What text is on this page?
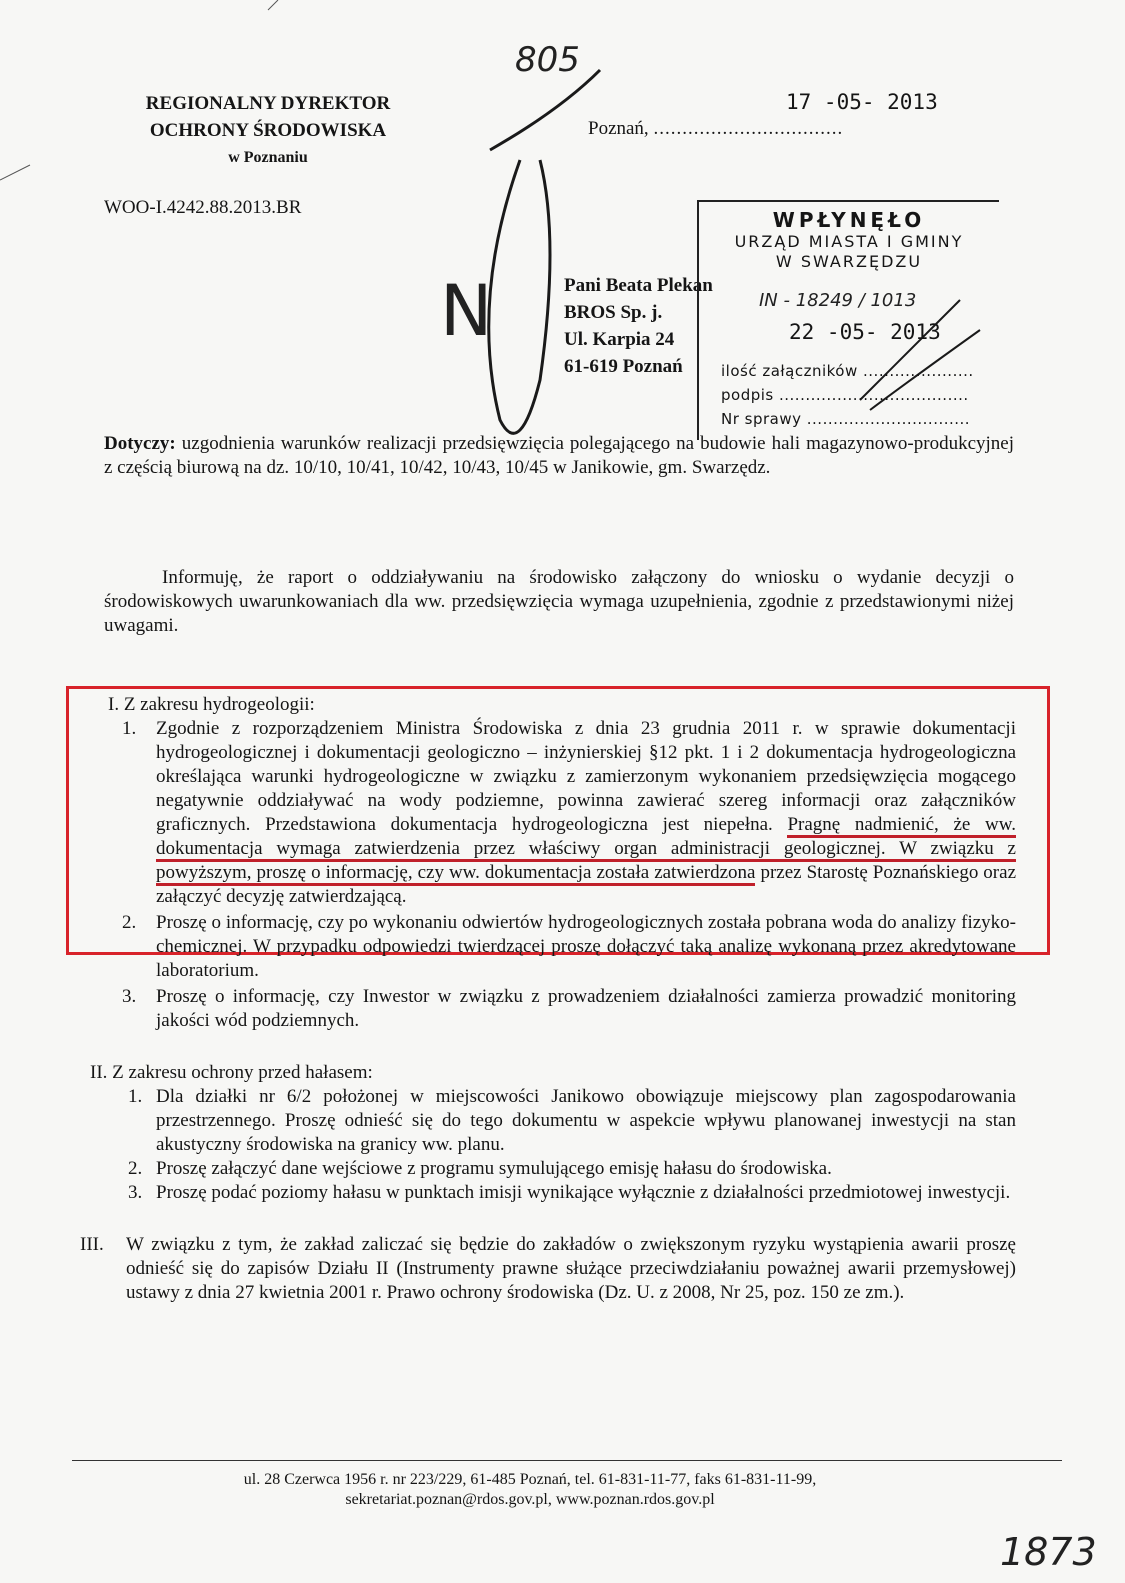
805
1873
N
REGIONALNY DYREKTOR
OCHRONY ŚRODOWISKA
w Poznaniu
WOO-I.4242.88.2013.BR
17 -05- 2013
Poznań, .................................
Pani Beata Plekan
BROS Sp. j.
Ul. Karpia 24
61-619 Poznań
WPŁYNĘŁO
URZĄD MIASTA I GMINY
W SWARZĘDZU
IN - 18249 / 1013
22 -05- 2013
ilość załączników .....................
podpis ....................................
Nr sprawy ...............................
Dotyczy: uzgodnienia warunków realizacji przedsięwzięcia polegającego na budowie hali magazynowo-produkcyjnej z częścią biurową na dz. 10/10, 10/41, 10/42, 10/43, 10/45 w Janikowie, gm. Swarzędz.
Informuję, że raport o oddziaływaniu na środowisko załączony do wniosku o wydanie decyzji o środowiskowych uwarunkowaniach dla ww. przedsięwzięcia wymaga uzupełnienia, zgodnie z przedstawionymi niżej uwagami.
I. Z zakresu hydrogeologii:
1. Zgodnie z rozporządzeniem Ministra Środowiska z dnia 23 grudnia 2011 r. w sprawie dokumentacji hydrogeologicznej i dokumentacji geologiczno – inżynierskiej §12 pkt. 1 i 2 dokumentacja hydrogeologiczna określająca warunki hydrogeologiczne w związku z zamierzonym wykonaniem przedsięwzięcia mogącego negatywnie oddziaływać na wody podziemne, powinna zawierać szereg informacji oraz załączników graficznych. Przedstawiona dokumentacja hydrogeologiczna jest niepełna. Pragnę nadmienić, że ww. dokumentacja wymaga zatwierdzenia przez właściwy organ administracji geologicznej. W związku z powyższym, proszę o informację, czy ww. dokumentacja została zatwierdzona przez Starostę Poznańskiego oraz załączyć decyzję zatwierdzającą.
2. Proszę o informację, czy po wykonaniu odwiertów hydrogeologicznych została pobrana woda do analizy fizyko-chemicznej. W przypadku odpowiedzi twierdzącej proszę dołączyć taką analizę wykonaną przez akredytowane laboratorium.
3. Proszę o informację, czy Inwestor w związku z prowadzeniem działalności zamierza prowadzić monitoring jakości wód podziemnych.
II. Z zakresu ochrony przed hałasem:
1. Dla działki nr 6/2 położonej w miejscowości Janikowo obowiązuje miejscowy plan zagospodarowania przestrzennego. Proszę odnieść się do tego dokumentu w aspekcie wpływu planowanej inwestycji na stan akustyczny środowiska na granicy ww. planu.
2. Proszę załączyć dane wejściowe z programu symulującego emisję hałasu do środowiska.
3. Proszę podać poziomy hałasu w punktach imisji wynikające wyłącznie z działalności przedmiotowej inwestycji.
III.	W związku z tym, że zakład zaliczać się będzie do zakładów o zwiększonym ryzyku wystąpienia awarii proszę odnieść się do zapisów Działu II (Instrumenty prawne służące przeciwdziałaniu poważnej awarii przemysłowej) ustawy z dnia 27 kwietnia 2001 r. Prawo ochrony środowiska (Dz. U. z 2008, Nr 25, poz. 150 ze zm.).
ul. 28 Czerwca 1956 r. nr 223/229, 61-485 Poznań, tel. 61-831-11-77, faks 61-831-11-99,
sekretariat.poznan@rdos.gov.pl, www.poznan.rdos.gov.pl
